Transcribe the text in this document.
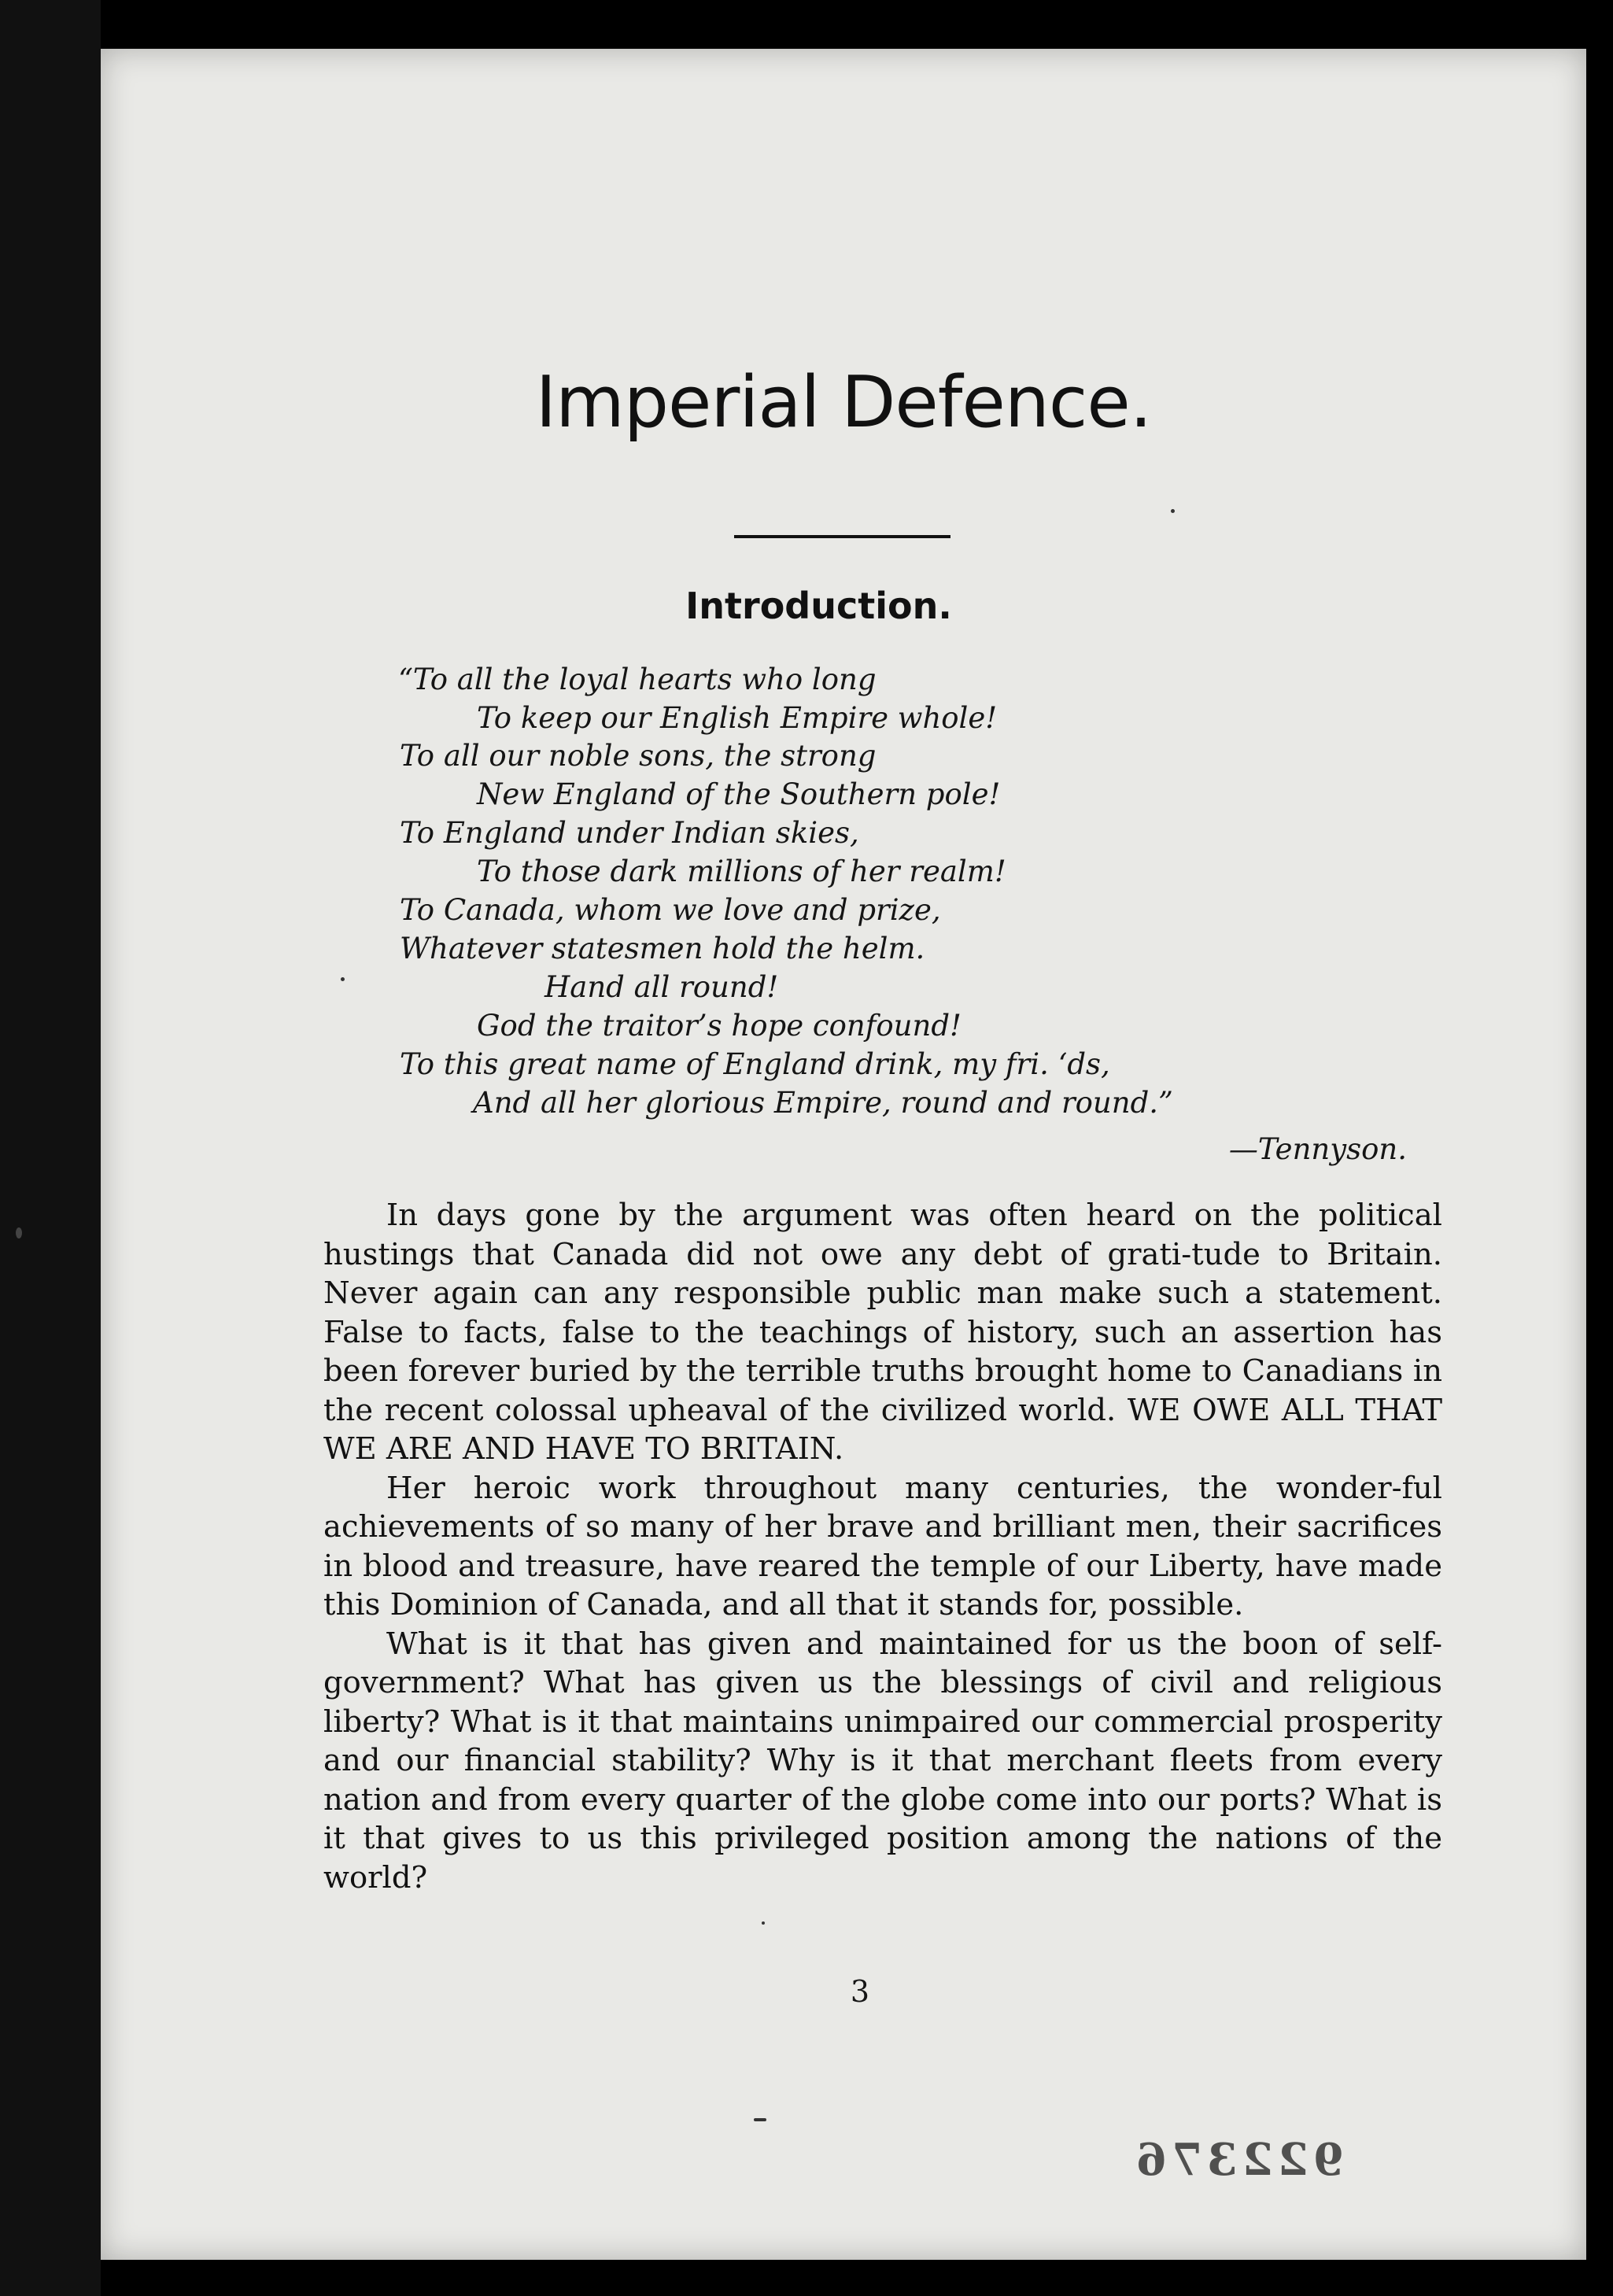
Imperial Defence.
Introduction.
“To all the loyal hearts who long
To keep our English Empire whole!
To all our noble sons, the strong
New England of the Southern pole!
To England under Indian skies,
To those dark millions of her realm!
To Canada, whom we love and prize,
Whatever statesmen hold the helm.
Hand all round!
God the traitor’s hope confound!
To this great name of England drink, my fri. ‘ds,
And all her glorious Empire, round and round.”
—Tennyson.

In days gone by the argument was often heard on the political hustings that Canada did not owe any debt of grati-tude to Britain. Never again can any responsible public man make such a statement. False to facts, false to the teachings of history, such an assertion has been forever buried by the terrible truths brought home to Canadians in the recent colossal upheaval of the civilized world. WE OWE ALL THAT WE ARE AND HAVE TO BRITAIN.

Her heroic work throughout many centuries, the wonder-ful achievements of so many of her brave and brilliant men, their sacrifices in blood and treasure, have reared the temple of our Liberty, have made this Dominion of Canada, and all that it stands for, possible.

What is it that has given and maintained for us the boon of self-government? What has given us the blessings of civil and religious liberty? What is it that maintains unimpaired our commercial prosperity and our financial stability? Why is it that merchant fleets from every nation and from every quarter of the globe come into our ports? What is it that gives to us this privileged position among the nations of the world?

3
922376
